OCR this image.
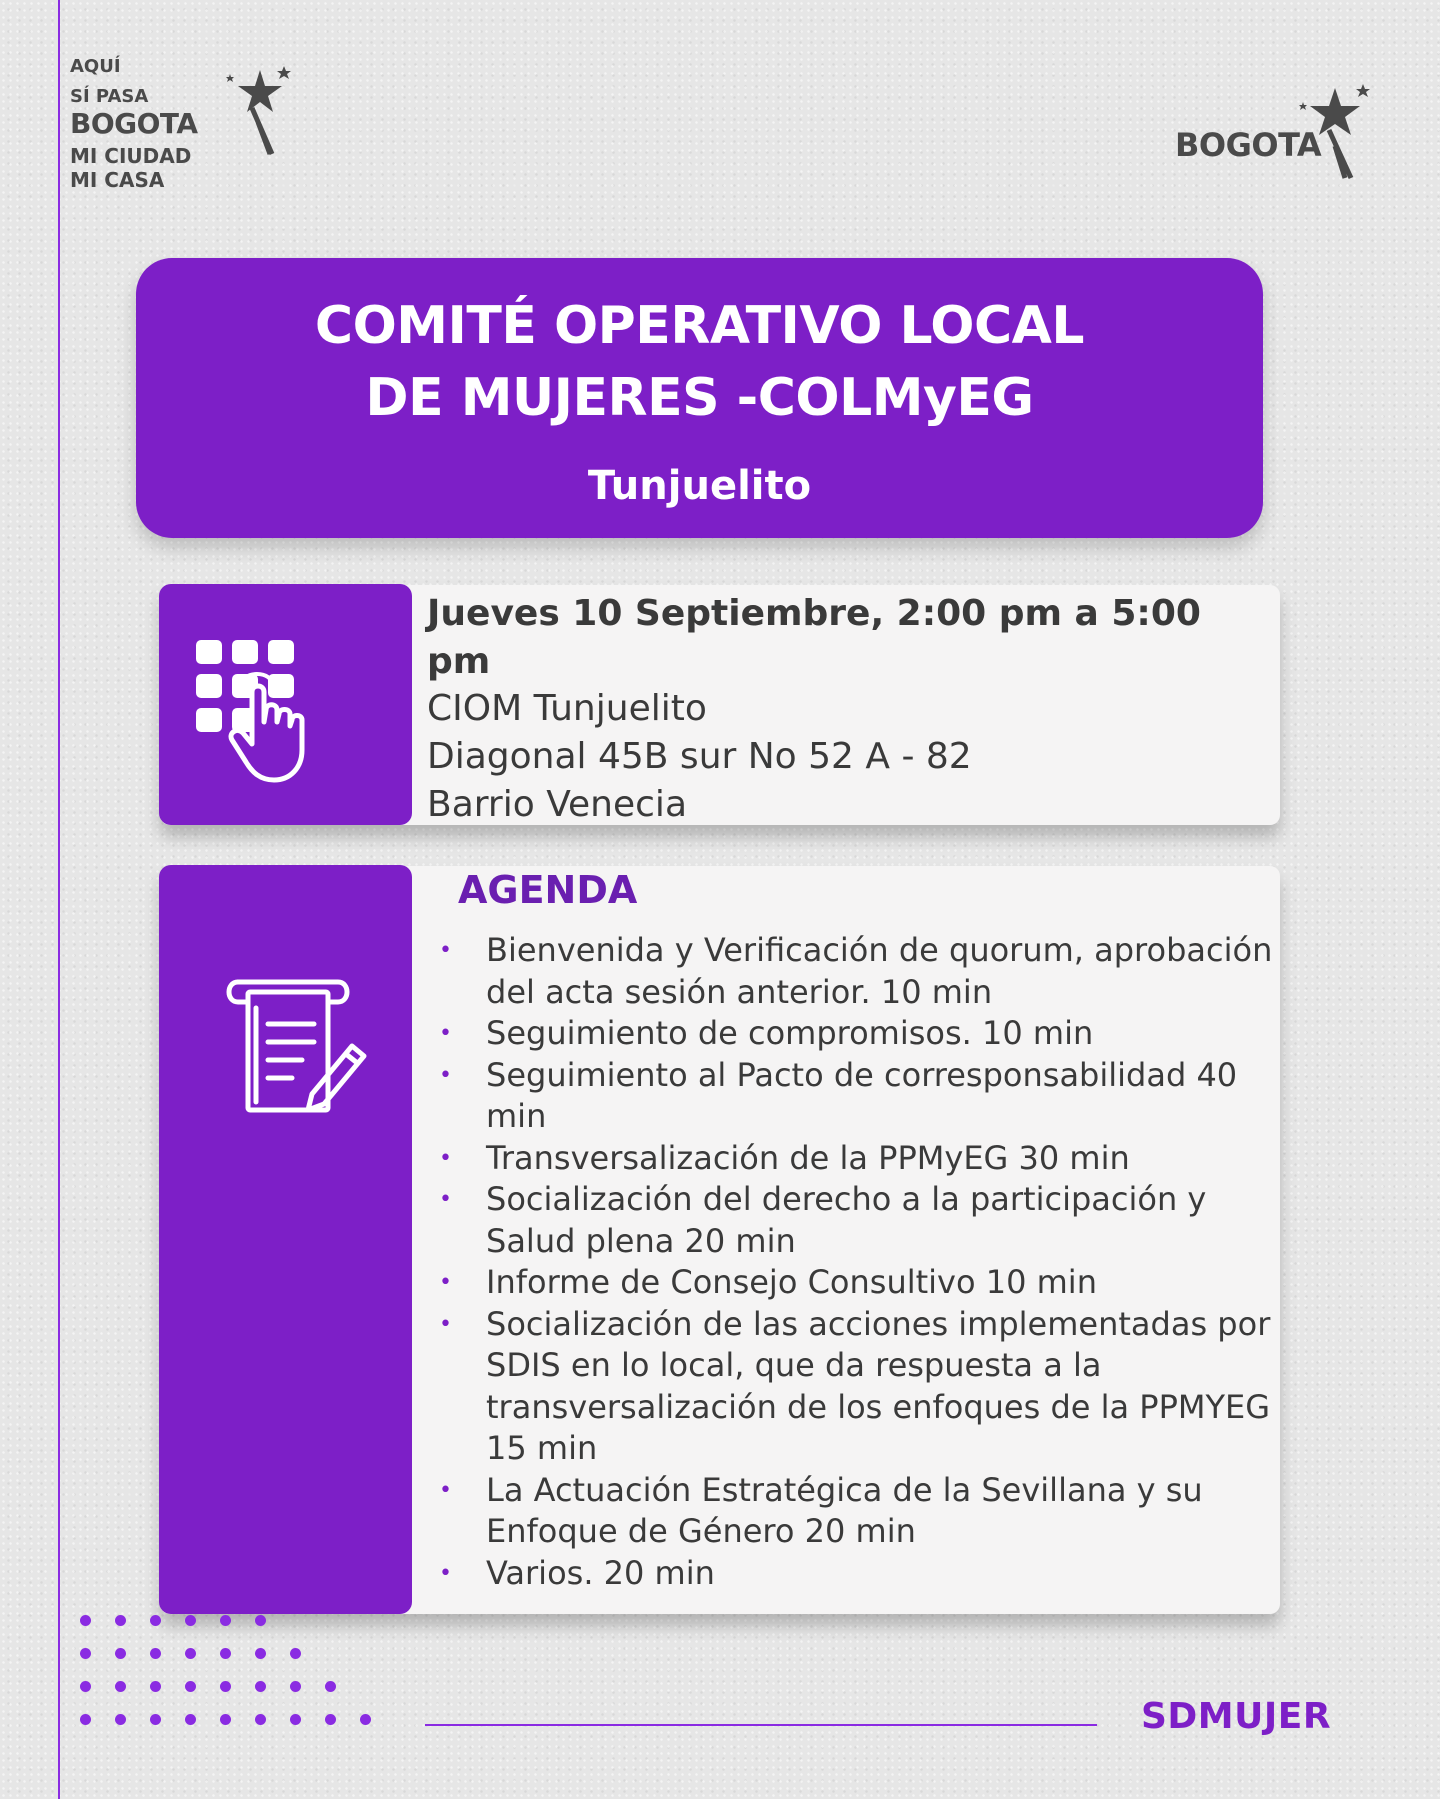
AQUÍ
SÍ PASA
BOGOTA
MI CIUDAD
MI CASA
BOGOTA
COMITÉ OPERATIVO LOCAL
DE MUJERES -COLMyEG
Tunjuelito
Jueves 10 Septiembre, 2:00 pm a 5:00 pm
CIOM Tunjuelito
Diagonal 45B sur No 52 A - 82
Barrio Venecia
AGENDA
• Bienvenida y Verificación de quorum, aprobación del acta sesión anterior. 10 min
• Seguimiento de compromisos. 10 min
• Seguimiento al Pacto de corresponsabilidad 40 min
• Transversalización de la PPMyEG 30 min
• Socialización del derecho a la participación y Salud plena 20 min
• Informe de Consejo Consultivo 10 min
• Socialización de las acciones implementadas por SDIS en lo local, que da respuesta a la transversalización de los enfoques de la PPMYEG 15 min
• La Actuación Estratégica de la Sevillana y su Enfoque de Género 20 min
• Varios. 20 min
SDMUJER
